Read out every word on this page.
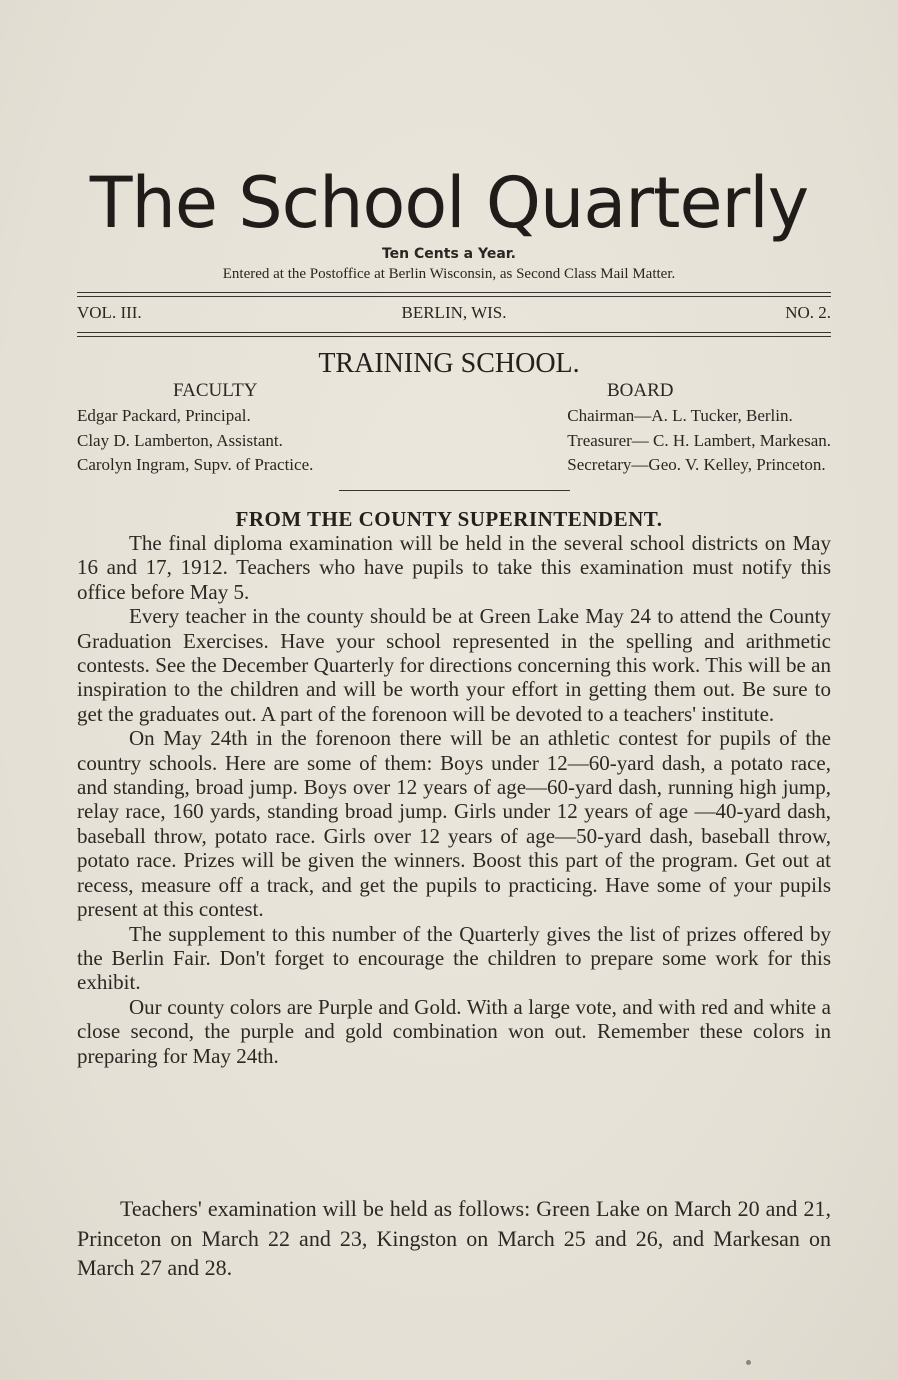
The School Quarterly
Ten Cents a Year.
Entered at the Postoffice at Berlin Wisconsin, as Second Class Mail Matter.
VOL. III.	BERLIN, WIS.	NO. 2.
TRAINING SCHOOL.
FACULTY	BOARD
Edgar Packard, Principal.
Clay D. Lamberton, Assistant.
Carolyn Ingram, Supv. of Practice.
Chairman—A. L. Tucker, Berlin.
Treasurer— C. H. Lambert, Markesan.
Secretary—Geo. V. Kelley, Princeton.
FROM THE COUNTY SUPERINTENDENT.

The final diploma examination will be held in the several school districts on May 16 and 17, 1912. Teachers who have pupils to take this examination must notify this office before May 5.

Every teacher in the county should be at Green Lake May 24 to attend the County Graduation Exercises. Have your school represented in the spelling and arithmetic contests. See the December Quarterly for directions concerning this work. This will be an inspiration to the children and will be worth your effort in getting them out. Be sure to get the graduates out. A part of the forenoon will be devoted to a teachers' institute.

On May 24th in the forenoon there will be an athletic contest for pupils of the country schools. Here are some of them: Boys under 12—60-yard dash, a potato race, and standing, broad jump. Boys over 12 years of age—60-yard dash, running high jump, relay race, 160 yards, standing broad jump. Girls under 12 years of age —40-yard dash, baseball throw, potato race. Girls over 12 years of age—50-yard dash, baseball throw, potato race. Prizes will be given the winners. Boost this part of the program. Get out at recess, measure off a track, and get the pupils to practicing. Have some of your pupils present at this contest.

The supplement to this number of the Quarterly gives the list of prizes offered by the Berlin Fair. Don't forget to encourage the children to prepare some work for this exhibit.

Our county colors are Purple and Gold. With a large vote, and with red and white a close second, the purple and gold combination won out. Remember these colors in preparing for May 24th.

Teachers' examination will be held as follows: Green Lake on March 20 and 21, Princeton on March 22 and 23, Kingston on March 25 and 26, and Markesan on March 27 and 28.
